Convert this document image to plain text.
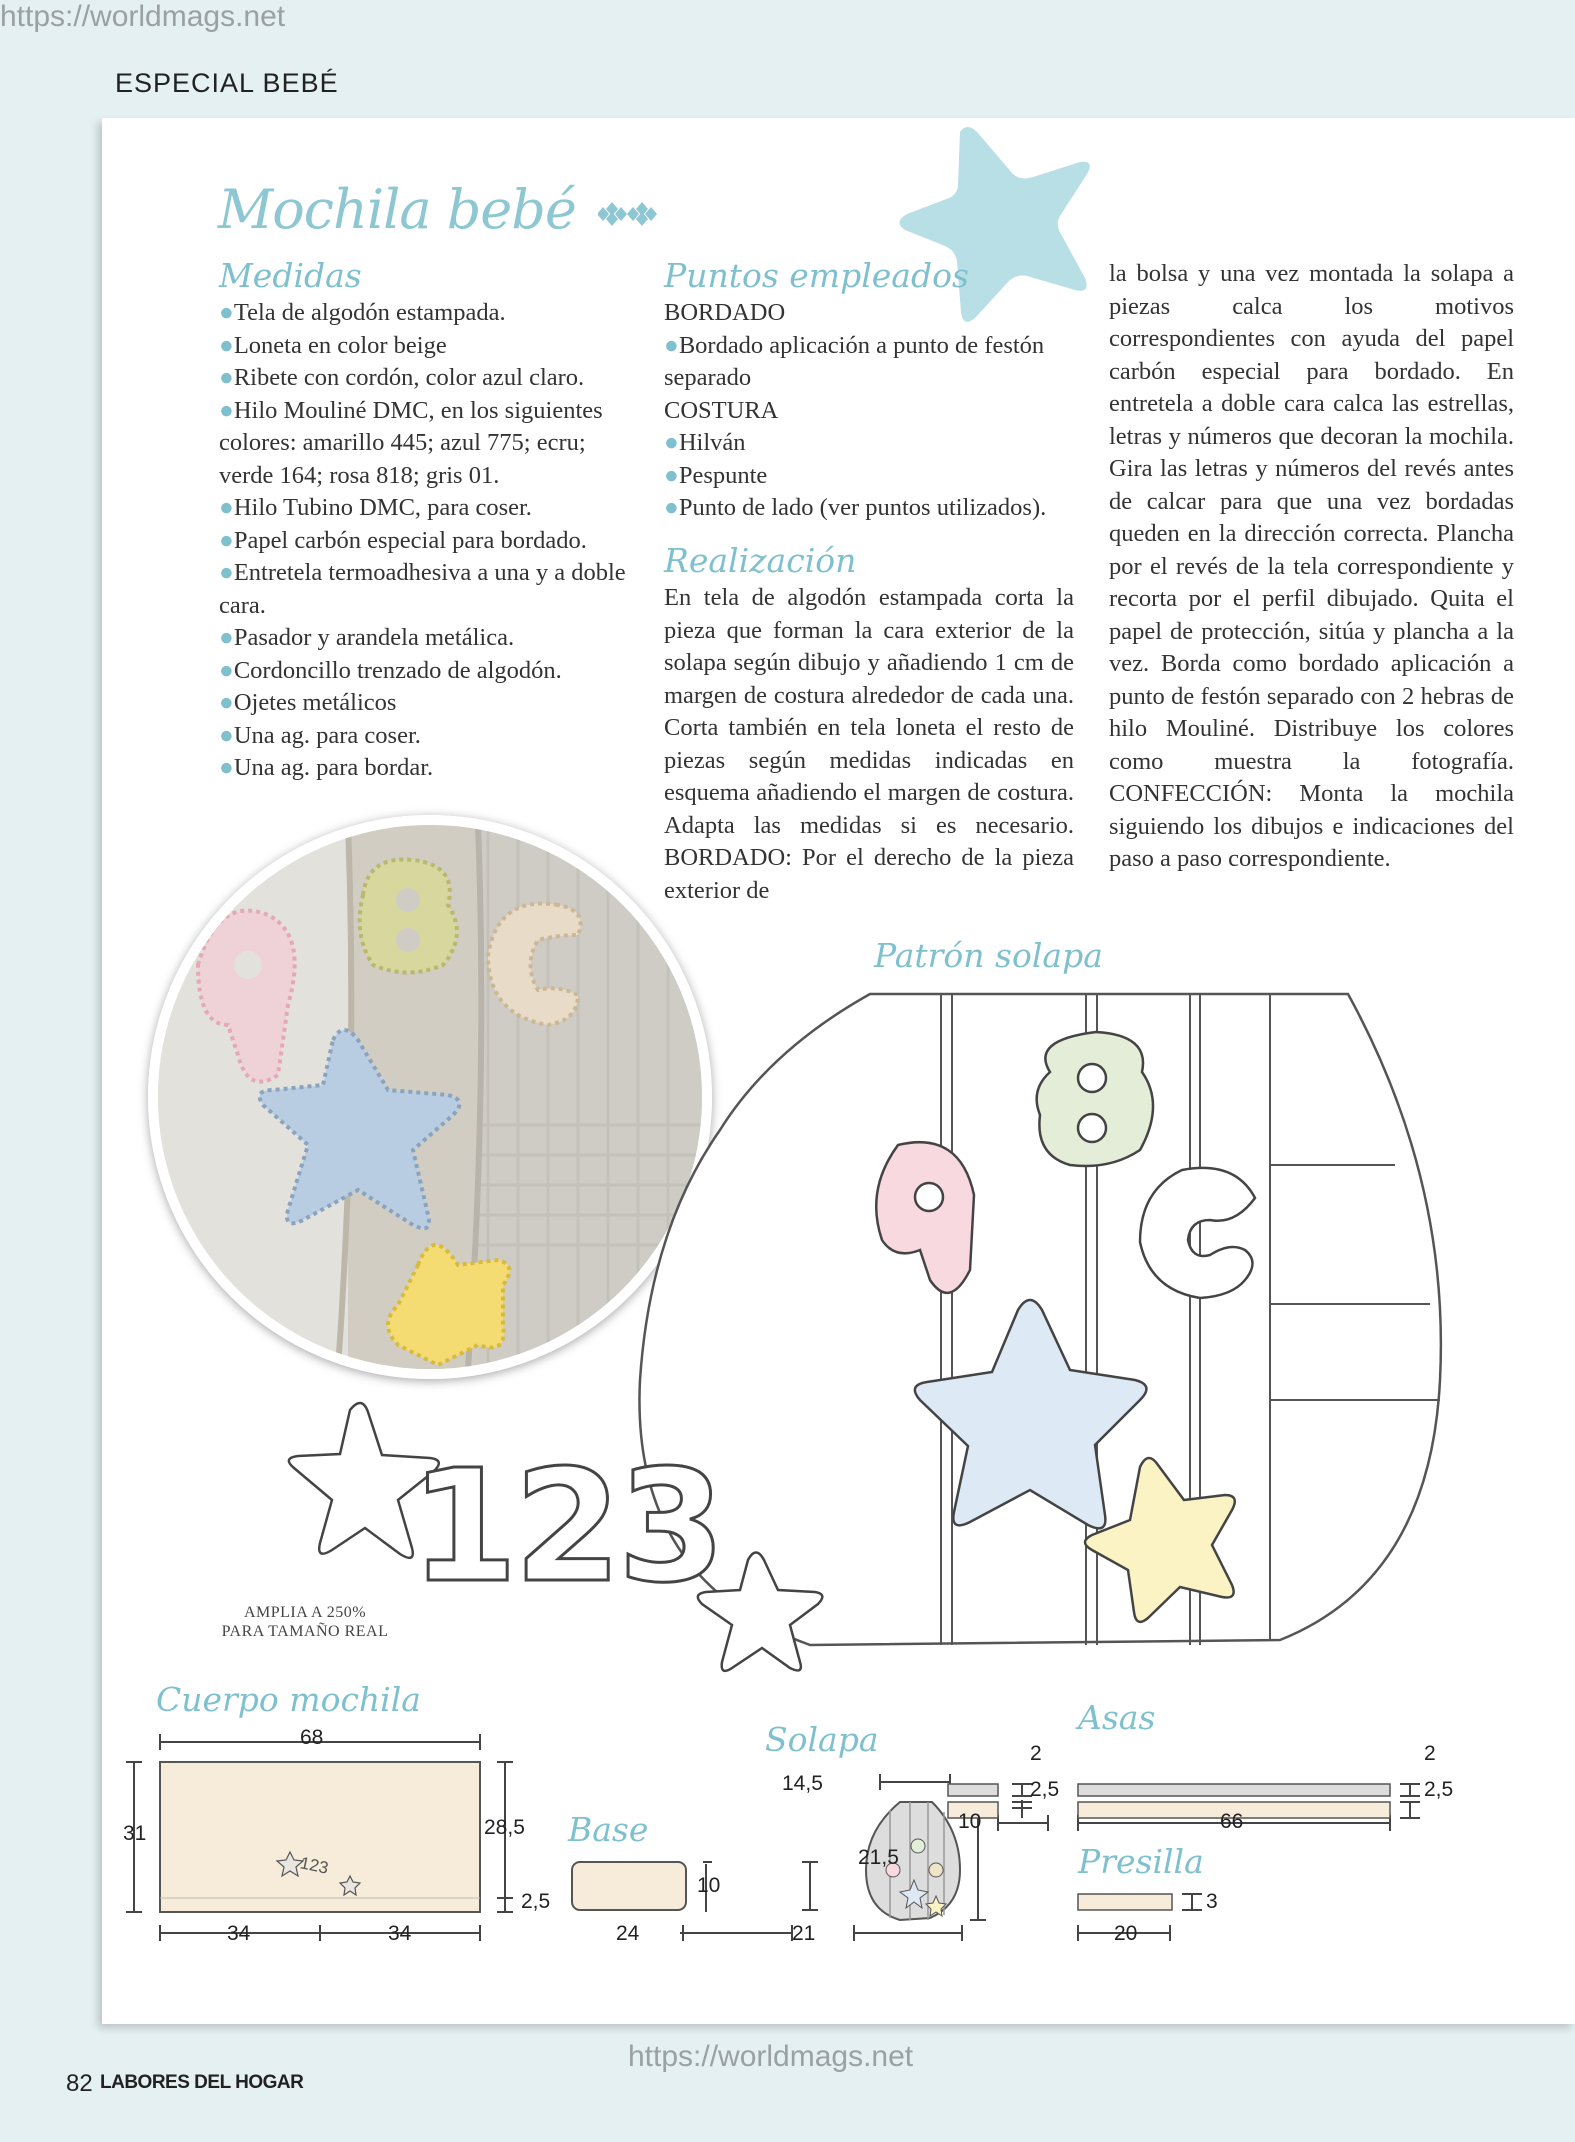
https://worldmags.net
ESPECIAL BEBÉ
Mochila bebé
Medidas
●Tela de algodón estampada.
●Loneta en color beige
●Ribete con cordón, color azul claro.
●Hilo Mouliné DMC, en los siguientes colores: amarillo 445; azul 775; ecru; verde 164; rosa 818; gris 01.
●Hilo Tubino DMC, para coser.
●Papel carbón especial para bordado.
●Entretela termoadhesiva a una y a doble cara.
●Pasador y arandela metálica.
●Cordoncillo trenzado de algodón.
●Ojetes metálicos
●Una ag. para coser.
●Una ag. para bordar.
Puntos empleados

BORDADO

●Bordado aplicación a punto de festón separado

COSTURA

●Hilván

●Pespunte

●Punto de lado (ver puntos utilizados).

Realización
En tela de algodón estampada corta la pieza que forman la cara exterior de la solapa según dibujo y añadiendo 1 cm de margen de costura alrededor de cada una. Corta también en tela loneta el resto de piezas según medidas indicadas en esquema añadiendo el margen de costura. Adapta las medidas si es necesario. BORDADO: Por el derecho de la pieza exterior de
la bolsa y una vez montada la solapa a piezas calca los motivos correspondientes con ayuda del papel carbón especial para bordado. En entretela a doble cara calca las estrellas, letras y números que decoran la mochila. Gira las letras y números del revés antes de calcar para que una vez bordadas queden en la dirección correcta. Plancha por el revés de la tela correspondiente y recorta por el perfil dibujado. Quita el papel de protección, sitúa y plancha a la vez. Borda como bordado aplicación a punto de festón separado con 2 hebras de hilo Mouliné. Distribuye los colores como muestra la fotografía. CONFECCIÓN: Monta la mochila siguiendo los dibujos e indicaciones del paso a paso correspondiente.
Patrón solapa
123
AMPLIA A 250%
PARA TAMAÑO REAL
Cuerpo mochila
Base
Solapa
Asas
Presilla
68
31	28,5
2,5
34	34
123
10
24
14,5
21,5
21
2
2,5
10
2
2,5
66
3
20
https://worldmags.net
82 LABORES DEL HOGAR
